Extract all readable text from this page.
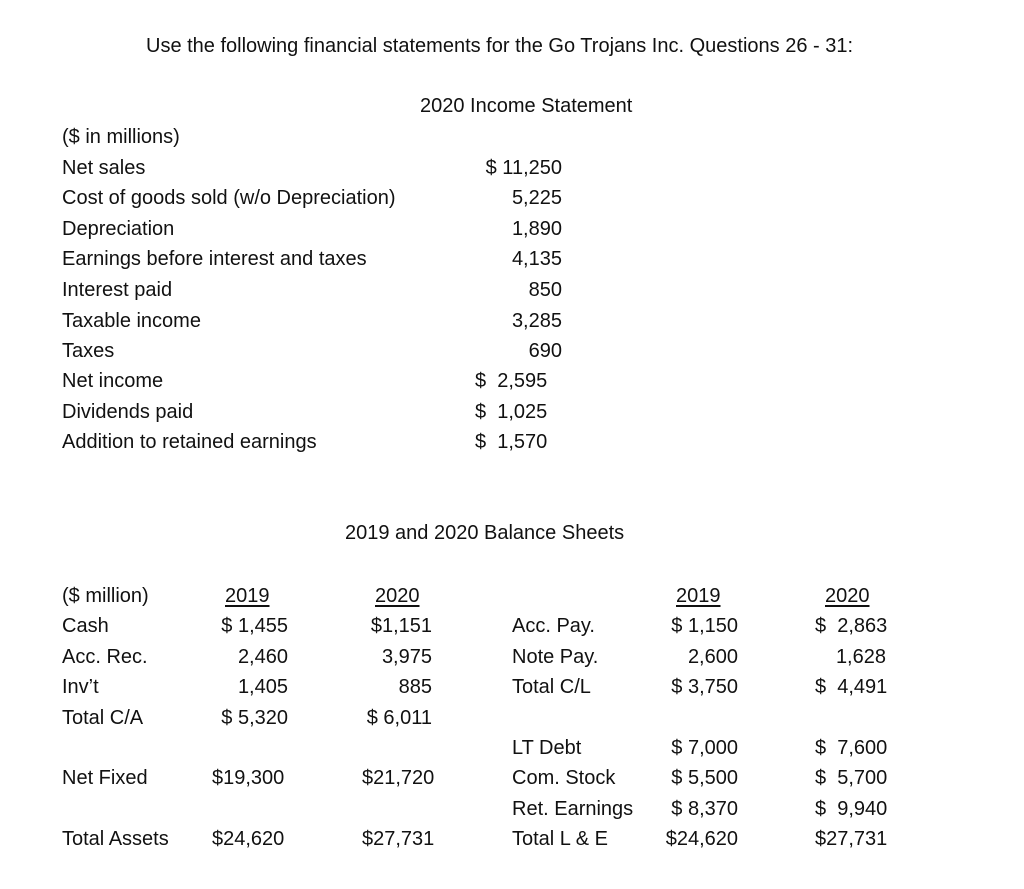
Use the following financial statements for the Go Trojans Inc. Questions 26 - 31:
2020 Income Statement
($ in millions)
Net sales	$ 11,250
Cost of goods sold (w/o Depreciation)	5,225
Depreciation	1,890
Earnings before interest and taxes	4,135
Interest paid	850
Taxable income	3,285
Taxes	690
Net income	$  2,595
Dividends paid	$  1,025
Addition to retained earnings	$  1,570
2019 and 2020 Balance Sheets
($ million)	2019	2020
Cash	$ 1,455	$1,151
Acc. Rec.	2,460	3,975
Inv’t	1,405	885
Total C/A	$ 5,320	$ 6,011
Net Fixed	$19,300	$21,720
Total Assets $24,620	$27,731
2019	2020
Acc. Pay.	$ 1,150	$  2,863
Note Pay.	2,600	1,628
Total C/L	$ 3,750	$  4,491
LT Debt	$ 7,000	$  7,600
Com. Stock	$ 5,500	$  5,700
Ret. Earnings	$ 8,370	$  9,940
Total L & E	$24,620	$27,731
